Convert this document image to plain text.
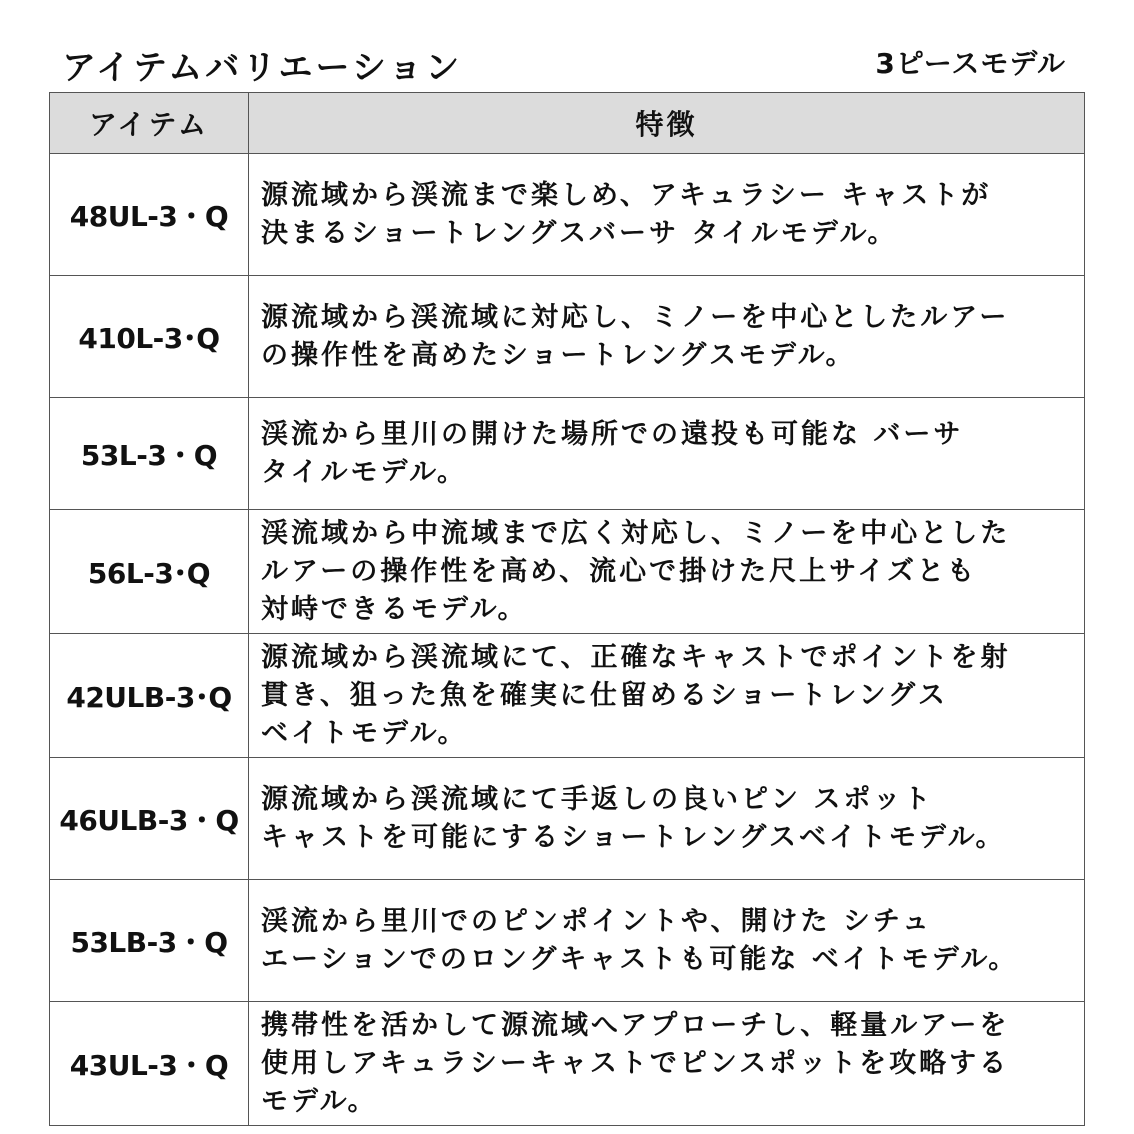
アイテムバリエーション	3ピースモデル
アイテム	特徴
48UL-3・Q	源流域から渓流まで楽しめ、アキュラシー キャストが
決まるショートレングスバーサ タイルモデル。
410L-3･Q	源流域から渓流域に対応し、ミノーを中心としたルアー
の操作性を高めたショートレングスモデル。
53L-3・Q	渓流から里川の開けた場所での遠投も可能な バーサ
タイルモデル。
56L-3･Q	渓流域から中流域まで広く対応し、ミノーを中心とした
ルアーの操作性を高め、流心で掛けた尺上サイズとも
対峙できるモデル。
42ULB-3･Q	源流域から渓流域にて、正確なキャストでポイントを射
貫き、狙った魚を確実に仕留めるショートレングス
ベイトモデル。
46ULB-3・Q	源流域から渓流域にて手返しの良いピン スポット
キャストを可能にするショートレングスベイトモデル。
53LB-3・Q	渓流から里川でのピンポイントや、開けた シチュ
エーションでのロングキャストも可能な ベイトモデル。
43UL-3・Q	携帯性を活かして源流域へアプローチし、軽量ルアーを
使用しアキュラシーキャストでピンスポットを攻略する
モデル。
